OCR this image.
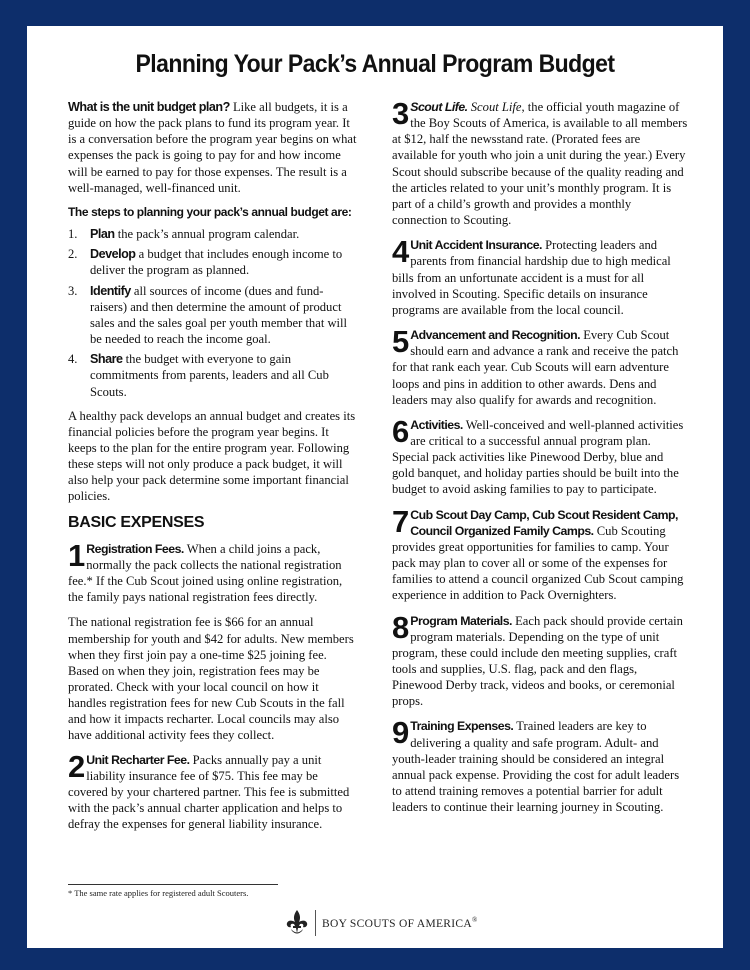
Planning Your Pack’s Annual Program Budget

What is the unit budget plan? Like all budgets, it is a guide on how the pack plans to fund its program year. It is a conversation before the program year begins on what expenses the pack is going to pay for and how income will be earned to pay for those expenses. The result is a well-managed, well-financed unit.

The steps to planning your pack’s annual budget are:
1. Plan the pack’s annual program calendar.
2. Develop a budget that includes enough income to deliver the program as planned.
3. Identify all sources of income (dues and fund-raisers) and then determine the amount of product sales and the sales goal per youth member that will be needed to reach the income goal.
4. Share the budget with everyone to gain commitments from parents, leaders and all Cub Scouts.

A healthy pack develops an annual budget and creates its financial policies before the program year begins. It keeps to the plan for the entire program year. Following these steps will not only produce a pack budget, it will also help your pack determine some important financial policies.

BASIC EXPENSES
1 Registration Fees. When a child joins a pack, normally the pack collects the national registration fee.* If the Cub Scout joined using online registration, the family pays national registration fees directly.

The national registration fee is $66 for an annual membership for youth and $42 for adults. New members when they first join pay a one-time $25 joining fee. Based on when they join, registration fees may be prorated. Check with your local council on how it handles registration fees for new Cub Scouts in the fall and how it impacts recharter. Local councils may also have additional activity fees they collect.

2 Unit Recharter Fee. Packs annually pay a unit liability insurance fee of $75. This fee may be covered by your chartered partner. This fee is submitted with the pack’s annual charter application and helps to defray the expenses for general liability insurance.
3 Scout Life. Scout Life, the official youth magazine of the Boy Scouts of America, is available to all members at $12, half the newsstand rate. (Prorated fees are available for youth who join a unit during the year.) Every Scout should subscribe because of the quality reading and the articles related to your unit’s monthly program. It is part of a child’s growth and provides a monthly connection to Scouting.
4 Unit Accident Insurance. Protecting leaders and parents from financial hardship due to high medical bills from an unfortunate accident is a must for all involved in Scouting. Specific details on insurance programs are available from the local council.
5 Advancement and Recognition. Every Cub Scout should earn and advance a rank and receive the patch for that rank each year. Cub Scouts will earn adventure loops and pins in addition to other awards. Dens and leaders may also qualify for awards and recognition.
6 Activities. Well-conceived and well-planned activities are critical to a successful annual program plan. Special pack activities like Pinewood Derby, blue and gold banquet, and holiday parties should be built into the budget to avoid asking families to pay to participate.
7 Cub Scout Day Camp, Cub Scout Resident Camp, Council Organized Family Camps. Cub Scouting provides great opportunities for families to camp. Your pack may plan to cover all or some of the expenses for families to attend a council organized Cub Scout camping experience in addition to Pack Overnighters.
8 Program Materials. Each pack should provide certain program materials. Depending on the type of unit program, these could include den meeting supplies, craft tools and supplies, U.S. flag, pack and den flags, Pinewood Derby track, videos and books, or ceremonial props.
9 Training Expenses. Trained leaders are key to delivering a quality and safe program. Adult- and youth-leader training should be considered an integral annual pack expense. Providing the cost for adult leaders to attend training removes a potential barrier for adult leaders to continue their learning journey in Scouting.
* The same rate applies for registered adult Scouters.
BOY SCOUTS OF AMERICA®
